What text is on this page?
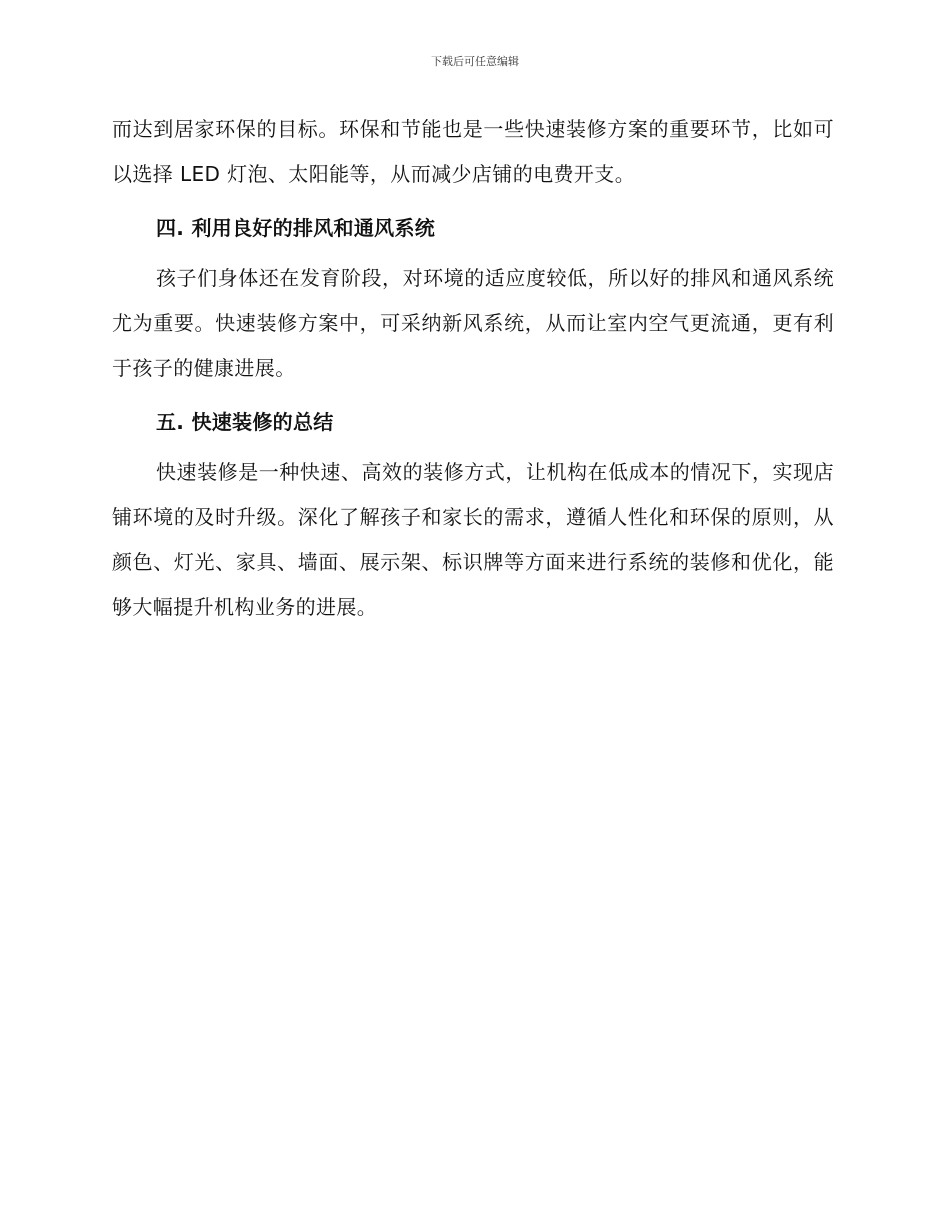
下载后可任意编辑

而达到居家环保的目标。环保和节能也是一些快速装修方案的重要环节，比如可以选择 LED 灯泡、太阳能等，从而减少店铺的电费开支。

四. 利用良好的排风和通风系统

孩子们身体还在发育阶段，对环境的适应度较低，所以好的排风和通风系统尤为重要。快速装修方案中，可采纳新风系统，从而让室内空气更流通，更有利于孩子的健康进展。

五. 快速装修的总结

快速装修是一种快速、高效的装修方式，让机构在低成本的情况下，实现店铺环境的及时升级。深化了解孩子和家长的需求，遵循人性化和环保的原则，从颜色、灯光、家具、墙面、展示架、标识牌等方面来进行系统的装修和优化，能够大幅提升机构业务的进展。
